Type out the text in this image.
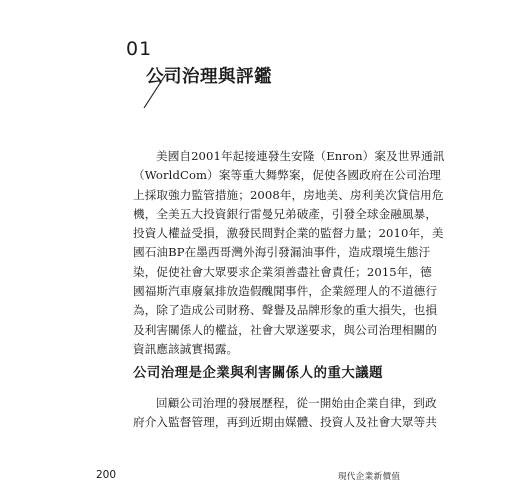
01
公司治理與評鑑
美國自2001年起接連發生安隆（Enron）案及世界通訊
（WorldCom）案等重大舞弊案，促使各國政府在公司治理
上採取強力監管措施；2008年，房地美、房利美次貸信用危
機，全美五大投資銀行雷曼兄弟破產，引發全球金融風暴，
投資人權益受損，激發民間對企業的監督力量；2010年，美
國石油BP在墨西哥灣外海引發漏油事件，造成環境生態汙
染，促使社會大眾要求企業須善盡社會責任；2015年，德
國福斯汽車廢氣排放造假醜聞事件，企業經理人的不道德行
為，除了造成公司財務、聲譽及品牌形象的重大損失，也損
及利害關係人的權益，社會大眾遂要求，與公司治理相關的
資訊應該誠實揭露。
公司治理是企業與利害關係人的重大議題
回顧公司治理的發展歷程，從一開始由企業自律，到政
府介入監督管理，再到近期由媒體、投資人及社會大眾等共
200	現代企業新價值
